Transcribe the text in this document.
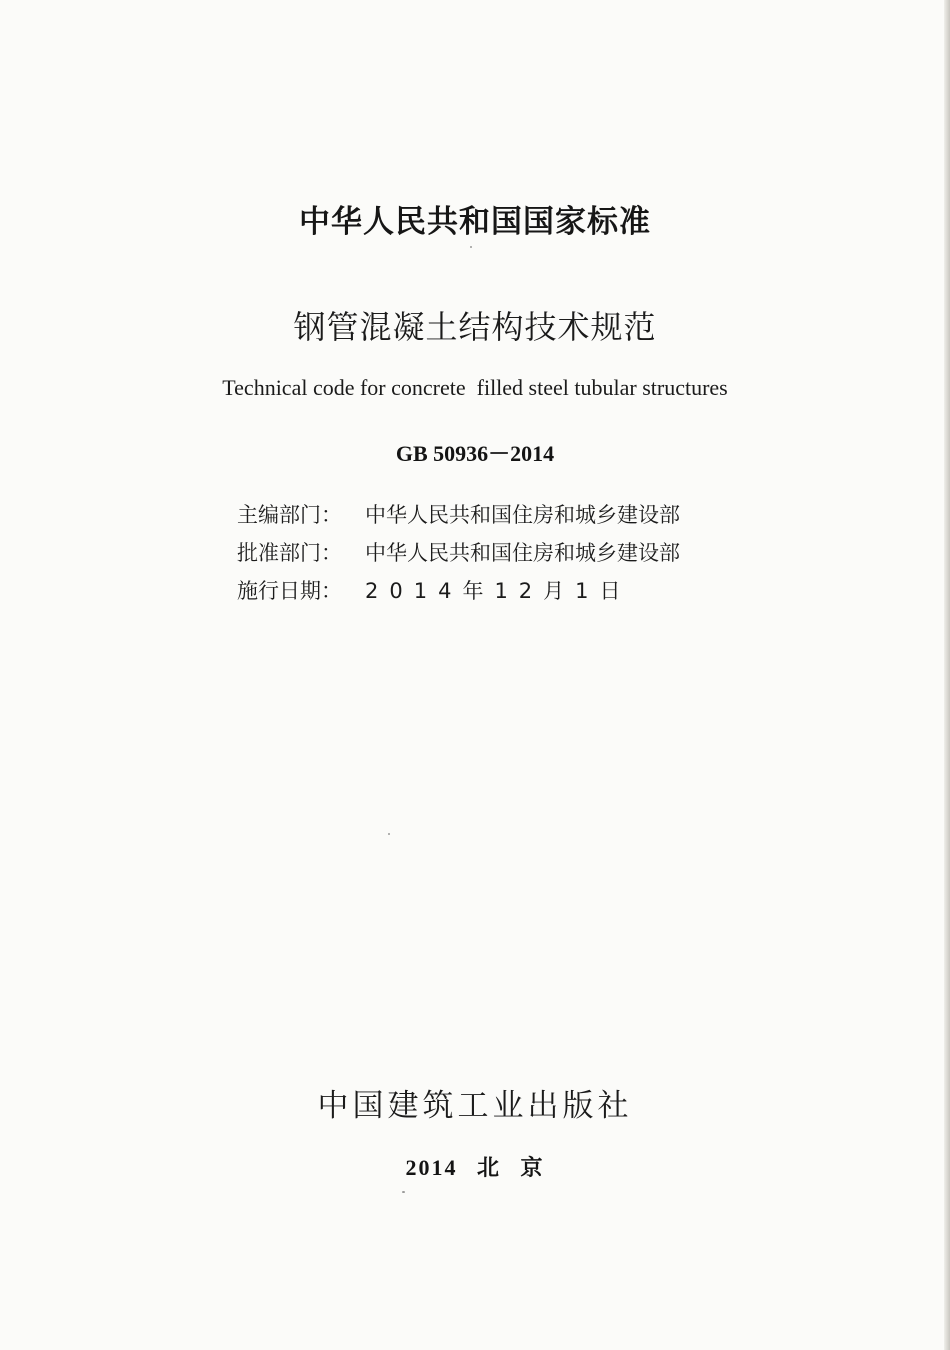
中华人民共和国国家标准
钢管混凝土结构技术规范
Technical code for concrete  filled steel tubular structures
GB 50936－2014
主编部门： 中华人民共和国住房和城乡建设部
批准部门： 中华人民共和国住房和城乡建设部
施行日期： 2014年12月1日
中国建筑工业出版社
2014 北 京
